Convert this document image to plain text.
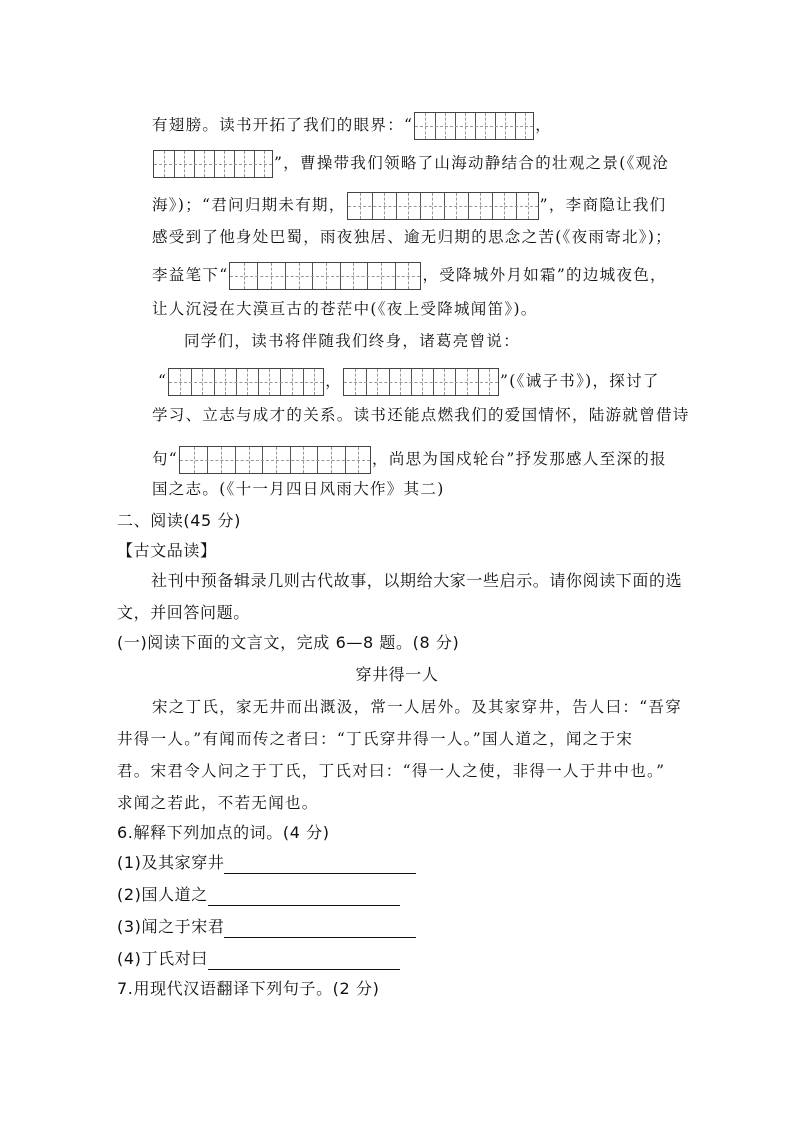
有翅膀。读书开拓了我们的眼界：“	，
”，曹操带我们领略了山海动静结合的壮观之景(《观沧
海》)；“君问归期未有期，	”，李商隐让我们
感受到了他身处巴蜀，雨夜独居、逾无归期的思念之苦(《夜雨寄北》)；
李益笔下“	，受降城外月如霜”的边城夜色，
让人沉浸在大漠亘古的苍茫中(《夜上受降城闻笛》)。
同学们，读书将伴随我们终身，诸葛亮曾说：
“	，	”(《诫子书》)，探讨了
学习、立志与成才的关系。读书还能点燃我们的爱国情怀，陆游就曾借诗
句“	，尚思为国戍轮台”抒发那感人至深的报
国之志。(《十一月四日风雨大作》其二)
二、阅读(45 分)
【古文品读】
社刊中预备辑录几则古代故事，以期给大家一些启示。请你阅读下面的选
文，并回答问题。
(一)阅读下面的文言文，完成 6—8 题。(8 分)
穿井得一人
宋之丁氏，家无井而出溉汲，常一人居外。及其家穿井，告人曰：“吾穿
井得一人。”有闻而传之者曰：“丁氏穿井得一人。”国人道之，闻之于宋
君。宋君令人问之于丁氏，丁氏对曰：“得一人之使，非得一人于井中也。”
求闻之若此，不若无闻也。
6.解释下列加点的词。(4 分)
(1)及其家穿井
(2)国人道之
(3)闻之于宋君
(4)丁氏对曰
7.用现代汉语翻译下列句子。(2 分)
